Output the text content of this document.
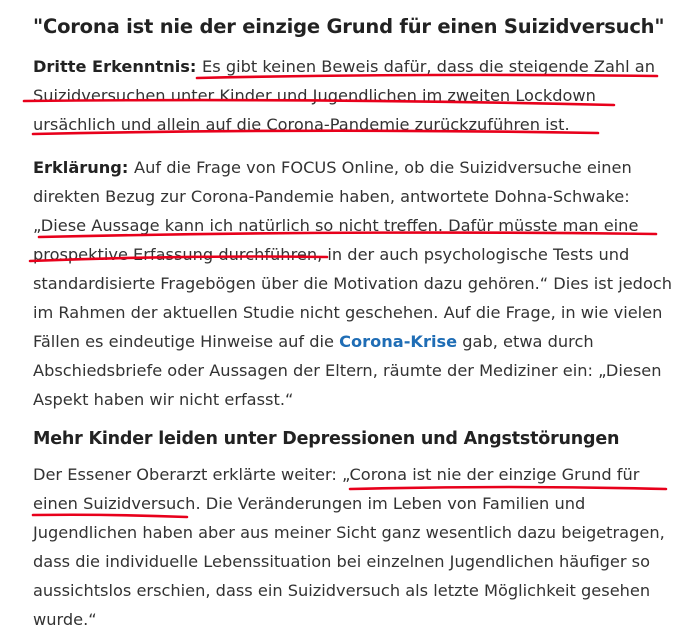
"Corona ist nie der einzige Grund für einen Suizidversuch"

Dritte Erkenntnis: Es gibt keinen Beweis dafür, dass die steigende Zahl an Suizidversuchen unter Kinder und Jugendlichen im zweiten Lockdown ursächlich und allein auf die Corona-Pandemie zurückzuführen ist.

Erklärung: Auf die Frage von FOCUS Online, ob die Suizidversuche einen direkten Bezug zur Corona-Pandemie haben, antwortete Dohna-Schwake: „Diese Aussage kann ich natürlich so nicht treffen. Dafür müsste man eine prospektive Erfassung durchführen, in der auch psychologische Tests und standardisierte Fragebögen über die Motivation dazu gehören.“ Dies ist jedoch im Rahmen der aktuellen Studie nicht geschehen. Auf die Frage, in wie vielen Fällen es eindeutige Hinweise auf die Corona-Krise gab, etwa durch Abschiedsbriefe oder Aussagen der Eltern, räumte der Mediziner ein: „Diesen Aspekt haben wir nicht erfasst.“

Mehr Kinder leiden unter Depressionen und Angststörungen

Der Essener Oberarzt erklärte weiter: „Corona ist nie der einzige Grund für einen Suizidversuch. Die Veränderungen im Leben von Familien und Jugendlichen haben aber aus meiner Sicht ganz wesentlich dazu beigetragen, dass die individuelle Lebenssituation bei einzelnen Jugendlichen häufiger so aussichtslos erschien, dass ein Suizidversuch als letzte Möglichkeit gesehen wurde.“
